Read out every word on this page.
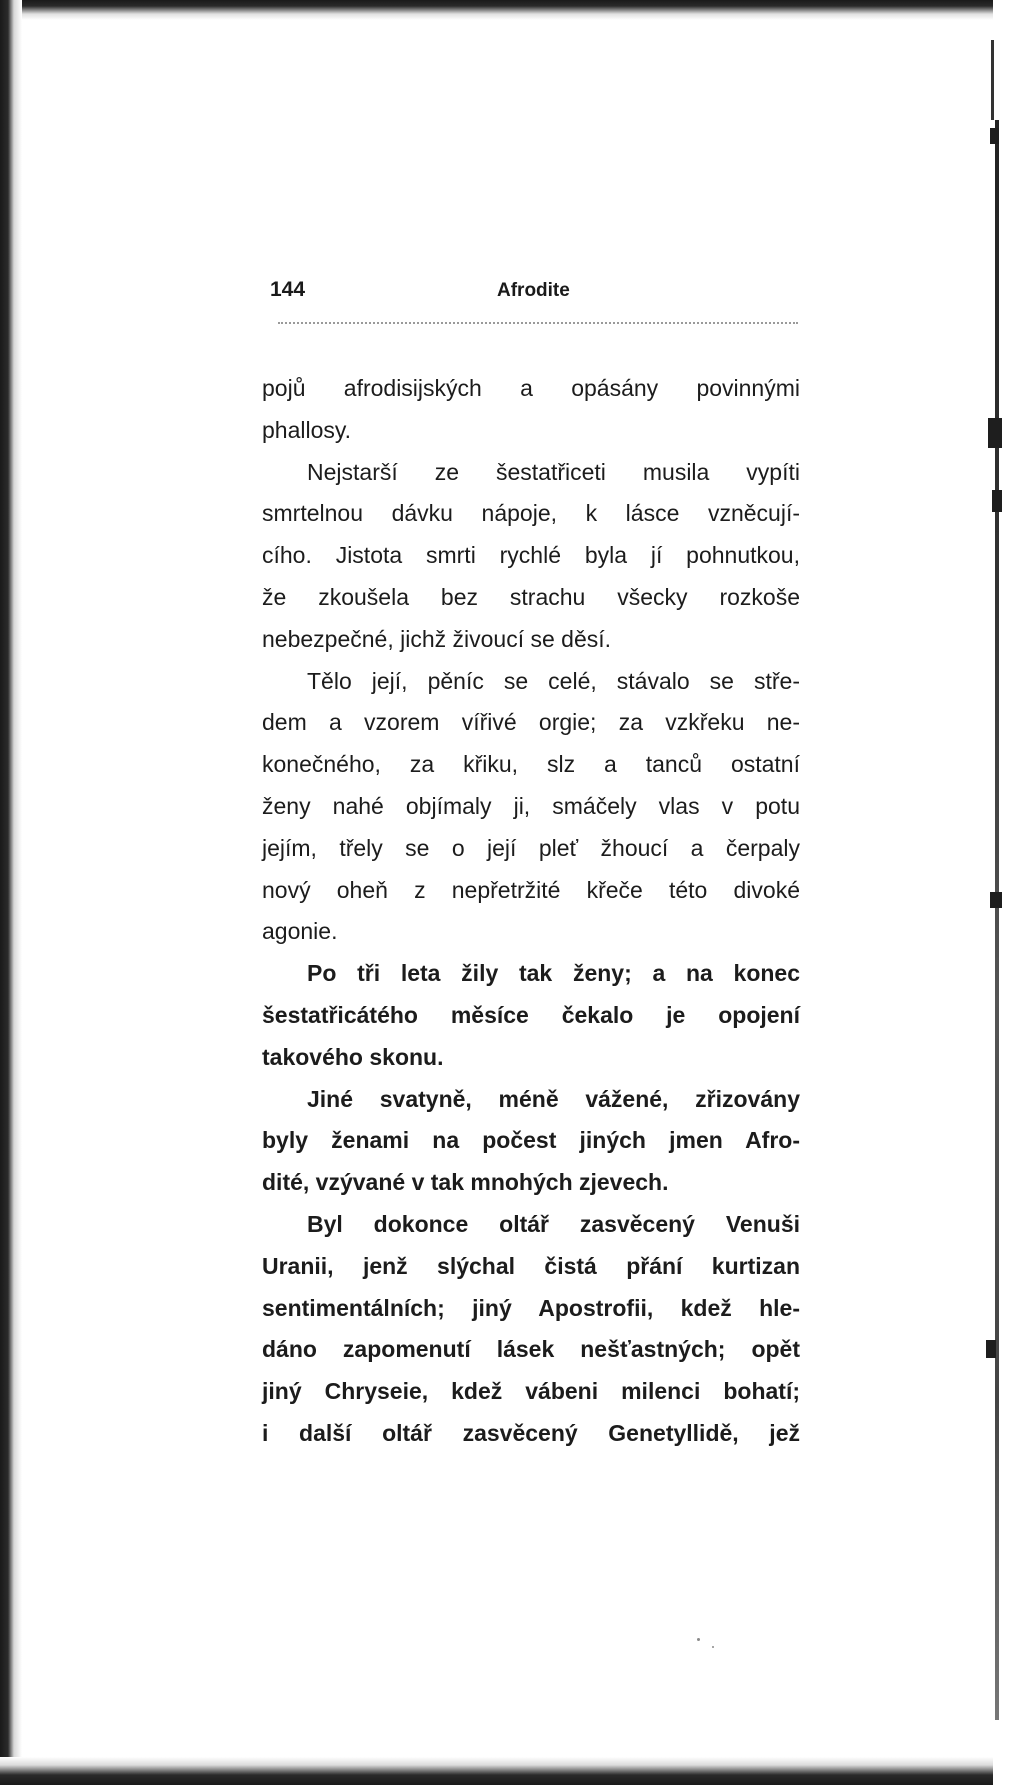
144	Afrodite
pojů afrodisijských a opásány povinnými
phallosy.
Nejstarší ze šestatřiceti musila vypíti
smrtelnou dávku nápoje, k lásce vzněcují-
cího. Jistota smrti rychlé byla jí pohnutkou,
že zkoušela bez strachu všecky rozkoše
nebezpečné, jichž živoucí se děsí.
Tělo její, pěníc se celé, stávalo se stře-
dem a vzorem vířivé orgie; za vzkřeku ne-
konečného, za křiku, slz a tanců ostatní
ženy nahé objímaly ji, smáčely vlas v potu
jejím, třely se o její pleť žhoucí a čerpaly
nový oheň z nepřetržité křeče této divoké
agonie.
Po tři leta žily tak ženy; a na konec
šestatřicátého měsíce čekalo je opojení
takového skonu.
Jiné svatyně, méně vážené, zřizovány
byly ženami na počest jiných jmen Afro-
dité, vzývané v tak mnohých zjevech.
Byl dokonce oltář zasvěcený Venuši
Uranii, jenž slýchal čistá přání kurtizan
sentimentálních; jiný Apostrofii, kdež hle-
dáno zapomenutí lásek nešťastných; opět
jiný Chryseie, kdež vábeni milenci bohatí;
i další oltář zasvěcený Genetyllidě, jež
